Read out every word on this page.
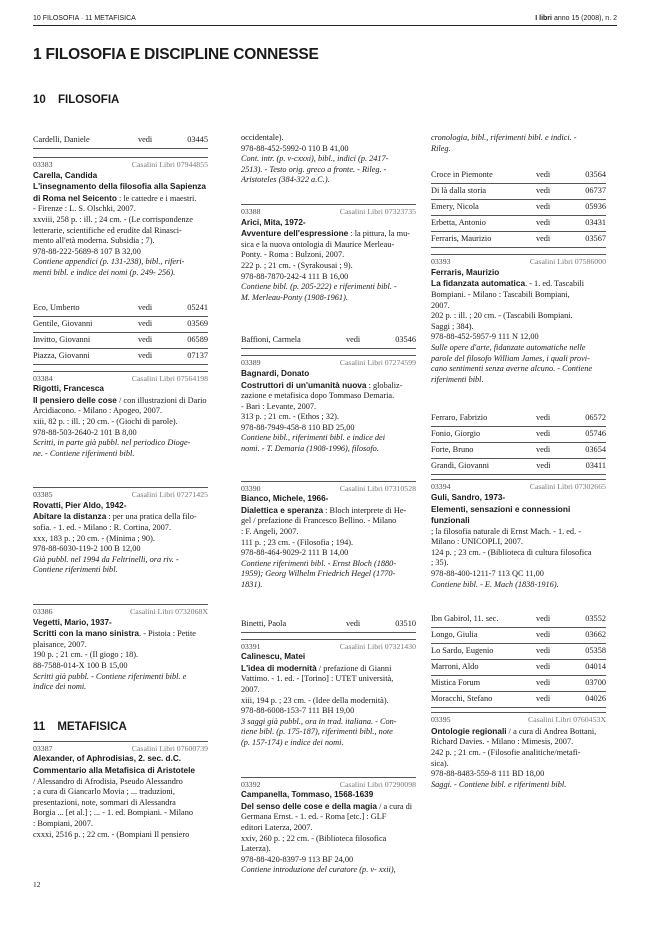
10 FILOSOFIA · 11 METAFISICA	I libri anno 15 (2008), n. 2
1 FILOSOFIA E DISCIPLINE CONNESSE
10 FILOSOFIA
11 METAFISICA
Cardelli, Daniele	vedi	03445
03383	Casalini Libri 07944855
Carella, Candida
L'insegnamento della filosofia alla Sapienza
di Roma nel Seicento : le cattedre e i maestri.
- Firenze : L. S. Olschki, 2007.
xxviii, 258 p. : ill. ; 24 cm. - (Le corrispondenze
letterarie, scientifiche ed erudite dal Rinasci-
mento all'età moderna. Subsidia ; 7).
978-88-222-5689-8 107 B 32,00
Contiene appendici (p. 131-238), bibl., riferi-
menti bibl. e indice dei nomi (p. 249- 256).
Eco, Umberto	vedi	05241
Gentile, Giovanni	vedi	03569
Invitto, Giovanni	vedi	06589
Piazza, Giovanni	vedi	07137
03384	Casalini Libri 07564198
Rigotti, Francesca
Il pensiero delle cose / con illustrazioni di Dario
Arcidiacono. - Milano : Apogeo, 2007.
xiii, 82 p. : ill. ; 20 cm. - (Giochi di parole).
978-88-503-2640-2 101 B 8,00
Scritti, in parte già pubbl. nel periodico Dioge-
ne. - Contiene riferimenti bibl.
03385	Casalini Libri 07271425
Rovatti, Pier Aldo, 1942-
Abitare la distanza : per una pratica della filo-
sofia. - 1. ed. - Milano : R. Cortina, 2007.
xxx, 183 p. ; 20 cm. - (Minima ; 90).
978-88-6030-119-2 100 B 12,00
Già pubbl. nel 1994 da Feltrinelli, ora riv. -
Contiene riferimenti bibl.
03386	Casalini Libri 0732068X
Vegetti, Mario, 1937-
Scritti con la mano sinistra. - Pistoia : Petite
plaisance, 2007.
190 p. ; 21 cm. - (Il giogo ; 18).
88-7588-014-X 100 B 15,00
Scritti già pubbl. - Contiene riferimenti bibl. e
indice dei nomi.
03387	Casalini Libri 07600739
Alexander, of Aphrodisias, 2. sec. d.C.
Commentario alla Metafisica di Aristotele
/ Alessandro di Afrodisia, Pseudo Alessandro
; a cura di Giancarlo Movia ; ... traduzioni,
presentazioni, note, sommari di Alessandra
Borgia ... [et al.] ; ... - 1. ed. Bompiani. - Milano
: Bompiani, 2007.
cxxxi, 2516 p. ; 22 cm. - (Bompiani Il pensiero
occidentale).
978-88-452-5992-0 110 B 41,00
Cont. intr. (p. v-cxxxi), bibl., indici (p. 2417-
2513). - Testo orig. greco a fronte. - Rileg. -
Aristoteles (384-322 a.C.).
03388	Casalini Libri 07323735
Arici, Mita, 1972-
Avventure dell'espressione : la pittura, la mu-
sica e la nuova ontologia di Maurice Merleau-
Ponty. - Roma : Bulzoni, 2007.
222 p. ; 21 cm. - (Syrakousai ; 9).
978-88-7870-242-4 111 B 16,00
Contiene bibl. (p. 205-222) e riferimenti bibl. -
M. Merleau-Ponty (1908-1961).
Baffioni, Carmela	vedi	03546
03389	Casalini Libri 07274599
Bagnardi, Donato
Costruttori di un'umanità nuova : globaliz-
zazione e metafisica dopo Tommaso Demaria.
- Bari : Levante, 2007.
313 p. ; 21 cm. - (Ethos ; 32).
978-88-7949-458-8 110 BD 25,00
Contiene bibl., riferimenti bibl. e indice dei
nomi. - T. Demaria (1908-1996), filosofo.
03390	Casalini Libri 07310528
Bianco, Michele, 1966-
Dialettica e speranza : Bloch interprete di He-
gel / prefazione di Francesco Bellino. - Milano
: F. Angeli, 2007.
111 p. ; 23 cm. - (Filosofia ; 194).
978-88-464-9029-2 111 B 14,00
Contiene riferimenti bibl. - Ernst Bloch (1880-
1959); Georg Wilhelm Friedrich Hegel (1770-
1831).
Binetti, Paola	vedi	03510
03391	Casalini Libri 07321430
Calinescu, Matei
L'idea di modernità / prefazione di Gianni
Vattimo. - 1. ed. - [Torino] : UTET università,
2007.
xiii, 194 p. ; 23 cm. - (Idee della modernità).
978-88-6008-153-7 111 BH 19,00
3 saggi già pubbl., ora in trad. italiana. - Con-
tiene bibl. (p. 175-187), riferimenti bibl., note
(p. 157-174) e indice dei nomi.
03392	Casalini Libri 07290098
Campanella, Tommaso, 1568-1639
Del senso delle cose e della magia / a cura di
Germana Ernst. - 1. ed. - Roma [etc.] : GLF
editori Laterza, 2007.
xxiv, 260 p. ; 22 cm. - (Biblioteca filosofica
Laterza).
978-88-420-8397-9 113 BF 24,00
Contiene introduzione del curatore (p. v- xxii),
cronologia, bibl., riferimenti bibl. e indici. -
Rileg.
Croce in Piemonte	vedi	03564
Di là dalla storia	vedi	06737
Emery, Nicola	vedi	05936
Erbetta, Antonio	vedi	03431
Ferraris, Maurizio	vedi	03567
03393	Casalini Libri 07586000
Ferraris, Maurizio
La fidanzata automatica. - 1. ed. Tascabili
Bompiani. - Milano : Tascabili Bompiani,
2007.
202 p. : ill. ; 20 cm. - (Tascabili Bompiani.
Saggi ; 384).
978-88-452-5957-9 111 N 12,00
Sulle opere d'arte, fidanzate automatiche nelle
parole del filosofo William James, i quali provi-
cano sentimenti senza averne alcuno. - Contiene
riferimenti bibl.
Ferraro, Fabrizio	vedi	06572
Fonio, Giorgio	vedi	05746
Forte, Bruno	vedi	03654
Grandi, Giovanni	vedi	03411
03394	Casalini Libri 07302665
Guli, Sandro, 1973-
Elementi, sensazioni e connessioni funzionali
; la filosofia naturale di Ernst Mach. - 1. ed. -
Milano : UNICOPLI, 2007.
124 p. ; 23 cm. - (Biblioteca di cultura filosofica
; 35).
978-88-400-1211-7 113 QC 11,00
Contiene bibl. - E. Mach (1838-1916).
Ibn Gabirol, 11. sec.	vedi	03552
Longo, Giulia	vedi	03662
Lo Sardo, Eugenio	vedi	05358
Marroni, Aldo	vedi	04014
Mistica Forum	vedi	03700
Moracchi, Stefano	vedi	04026
03395	Casalini Libri 0760453X
Ontologie regionali / a cura di Andrea Bottani,
Richard Davies. - Milano : Mimesis, 2007.
242 p. ; 21 cm. - (Filosofie analitiche/metafi-
sica).
978-88-8483-559-8 111 BD 18,00
Saggi. - Contiene bibl. e riferimenti bibl.
12
